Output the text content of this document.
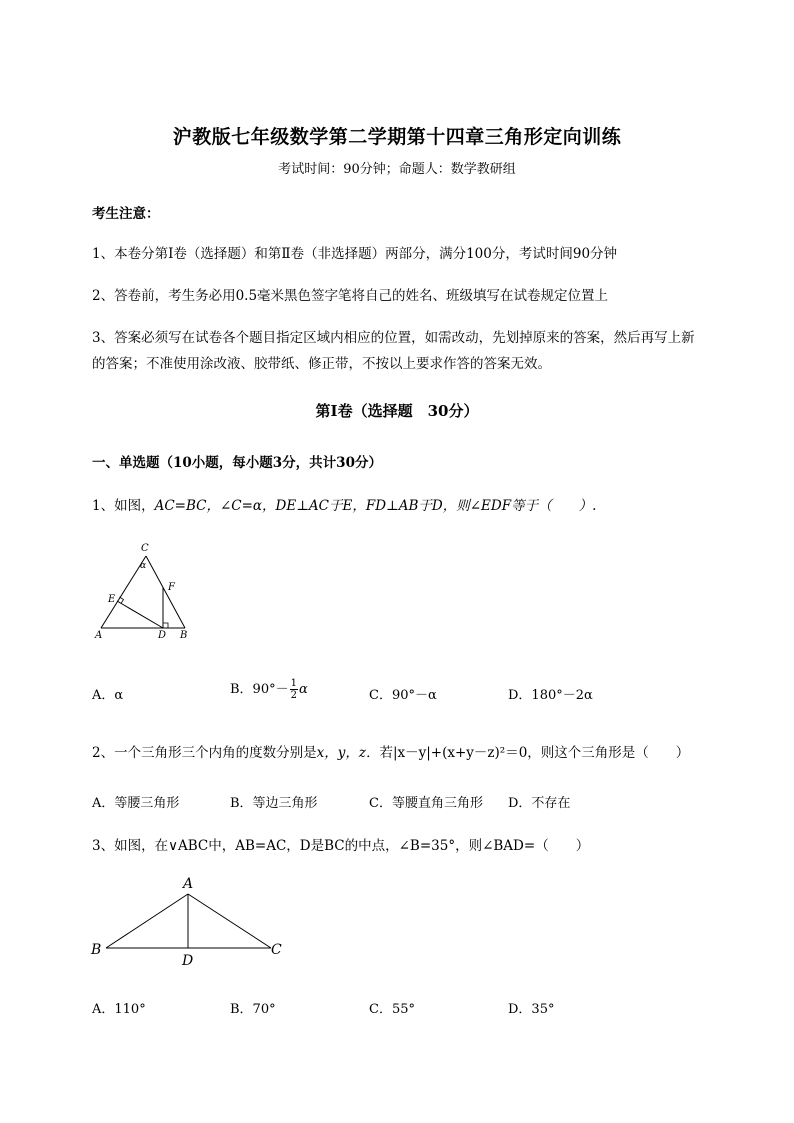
沪教版七年级数学第二学期第十四章三角形定向训练
考试时间：90分钟；命题人：数学教研组
考生注意：
1、本卷分第Ⅰ卷（选择题）和第Ⅱ卷（非选择题）两部分，满分100分，考试时间90分钟
2、答卷前，考生务必用0.5毫米黑色签字笔将自己的姓名、班级填写在试卷规定位置上
3、答案必须写在试卷各个题目指定区域内相应的位置，如需改动，先划掉原来的答案，然后再写上新
的答案；不准使用涂改液、胶带纸、修正带，不按以上要求作答的答案无效。
第Ⅰ卷（选择题　30分）
一、单选题（10小题，每小题3分，共计30分）
1、如图，AC=BC，∠C=α，DE⊥AC于E，FD⊥AB于D，则∠EDF等于（　　）.
C
α
F
E
A	D B
A．α	B．$90^\circ- \frac{1}{2}$ α	C．90°－α	D．180°－2α
2、一个三角形三个内角的度数分别是x，y，z．若|x－y|+(x+y－z)²＝0，则这个三角形是（　　）
A．等腰三角形	B．等边三角形	C．等腰直角三角形 D．不存在
3、如图，在∨ABC中，AB=AC，D是BC的中点，∠B=35°，则∠BAD=（　　）
A
B	C
D
A．110°	B．70°	C．55°	D．35°
